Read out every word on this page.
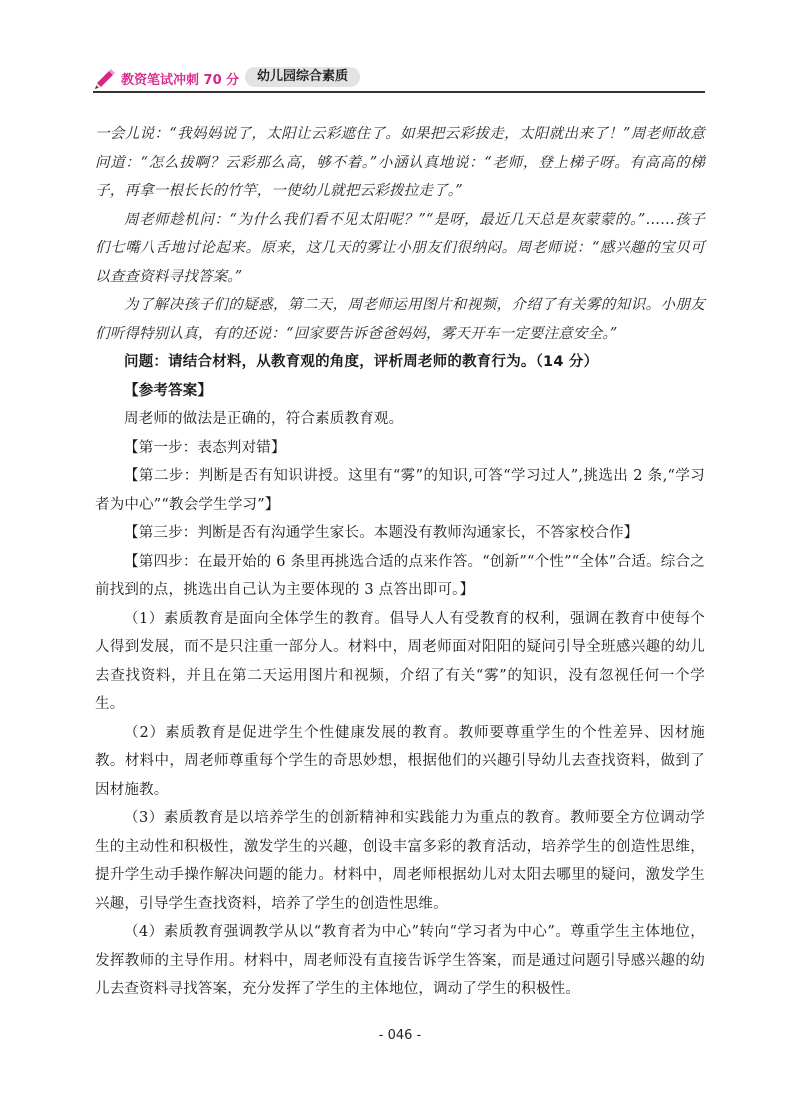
教资笔试冲刺 70 分	幼儿园综合素质

一会儿说：“我妈妈说了，太阳让云彩遮住了。如果把云彩拔走，太阳就出来了！”周老师故意问道：“怎么拔啊？云彩那么高，够不着。”小涵认真地说：“老师，登上梯子呀。有高高的梯子，再拿一根长长的竹竿，一使幼儿就把云彩拨拉走了。”

周老师趁机问：“为什么我们看不见太阳呢？”“是呀，最近几天总是灰蒙蒙的。”……孩子们七嘴八舌地讨论起来。原来，这几天的雾让小朋友们很纳闷。周老师说：“感兴趣的宝贝可以查查资料寻找答案。”

为了解决孩子们的疑惑，第二天，周老师运用图片和视频，介绍了有关雾的知识。小朋友们听得特别认真，有的还说：“回家要告诉爸爸妈妈，雾天开车一定要注意安全。”

问题：请结合材料，从教育观的角度，评析周老师的教育行为。（14 分）

【参考答案】

周老师的做法是正确的，符合素质教育观。

【第一步：表态判对错】

【第二步：判断是否有知识讲授。这里有“雾”的知识,可答“学习过人”,挑选出 2 条,“学习者为中心”“教会学生学习”】

【第三步：判断是否有沟通学生家长。本题没有教师沟通家长，不答家校合作】

【第四步：在最开始的 6 条里再挑选合适的点来作答。“创新”“个性”“全体”合适。综合之前找到的点，挑选出自己认为主要体现的 3 点答出即可。】

（1）素质教育是面向全体学生的教育。倡导人人有受教育的权利，强调在教育中使每个人得到发展，而不是只注重一部分人。材料中，周老师面对阳阳的疑问引导全班感兴趣的幼儿去查找资料，并且在第二天运用图片和视频，介绍了有关“雾”的知识，没有忽视任何一个学生。

（2）素质教育是促进学生个性健康发展的教育。教师要尊重学生的个性差异、因材施教。材料中，周老师尊重每个学生的奇思妙想，根据他们的兴趣引导幼儿去查找资料，做到了因材施教。

（3）素质教育是以培养学生的创新精神和实践能力为重点的教育。教师要全方位调动学生的主动性和积极性，激发学生的兴趣，创设丰富多彩的教育活动，培养学生的创造性思维，提升学生动手操作解决问题的能力。材料中，周老师根据幼儿对太阳去哪里的疑问，激发学生兴趣，引导学生查找资料，培养了学生的创造性思维。

（4）素质教育强调教学从以“教育者为中心”转向“学习者为中心”。尊重学生主体地位，发挥教师的主导作用。材料中，周老师没有直接告诉学生答案，而是通过问题引导感兴趣的幼儿去查资料寻找答案，充分发挥了学生的主体地位，调动了学生的积极性。

- 046 -
